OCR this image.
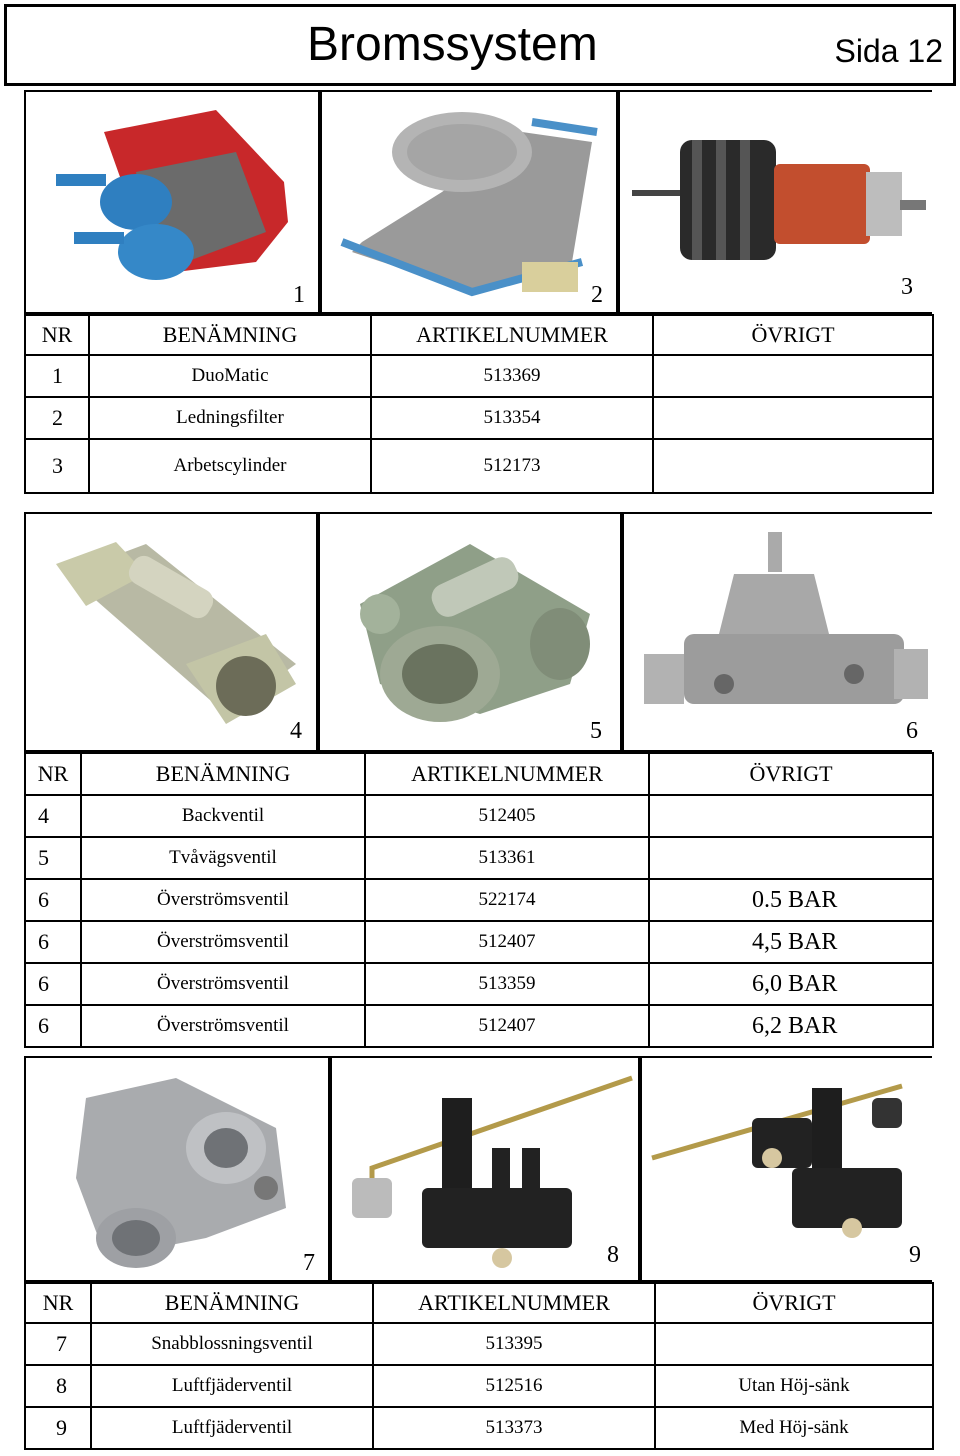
Bromssystem	Sida 12
1	2	3
NR	BENÄMNING	ARTIKELNUMMER	ÖVRIGT
1	DuoMatic	513369	
2	Ledningsfilter	513354	
3	Arbetscylinder	512173	
4	5	6
NR	BENÄMNING	ARTIKELNUMMER	ÖVRIGT
4	Backventil	512405	
5	Tvåvägsventil	513361	
6	Överströmsventil	522174	0.5 BAR
6	Överströmsventil	512407	4,5 BAR
6	Överströmsventil	513359	6,0 BAR
6	Överströmsventil	512407	6,2 BAR
7	8	9
NR	BENÄMNING	ARTIKELNUMMER	ÖVRIGT
7	Snabblossningsventil	513395	
8	Luftfjäderventil	512516	Utan Höj-sänk
9	Luftfjäderventil	513373	Med Höj-sänk
